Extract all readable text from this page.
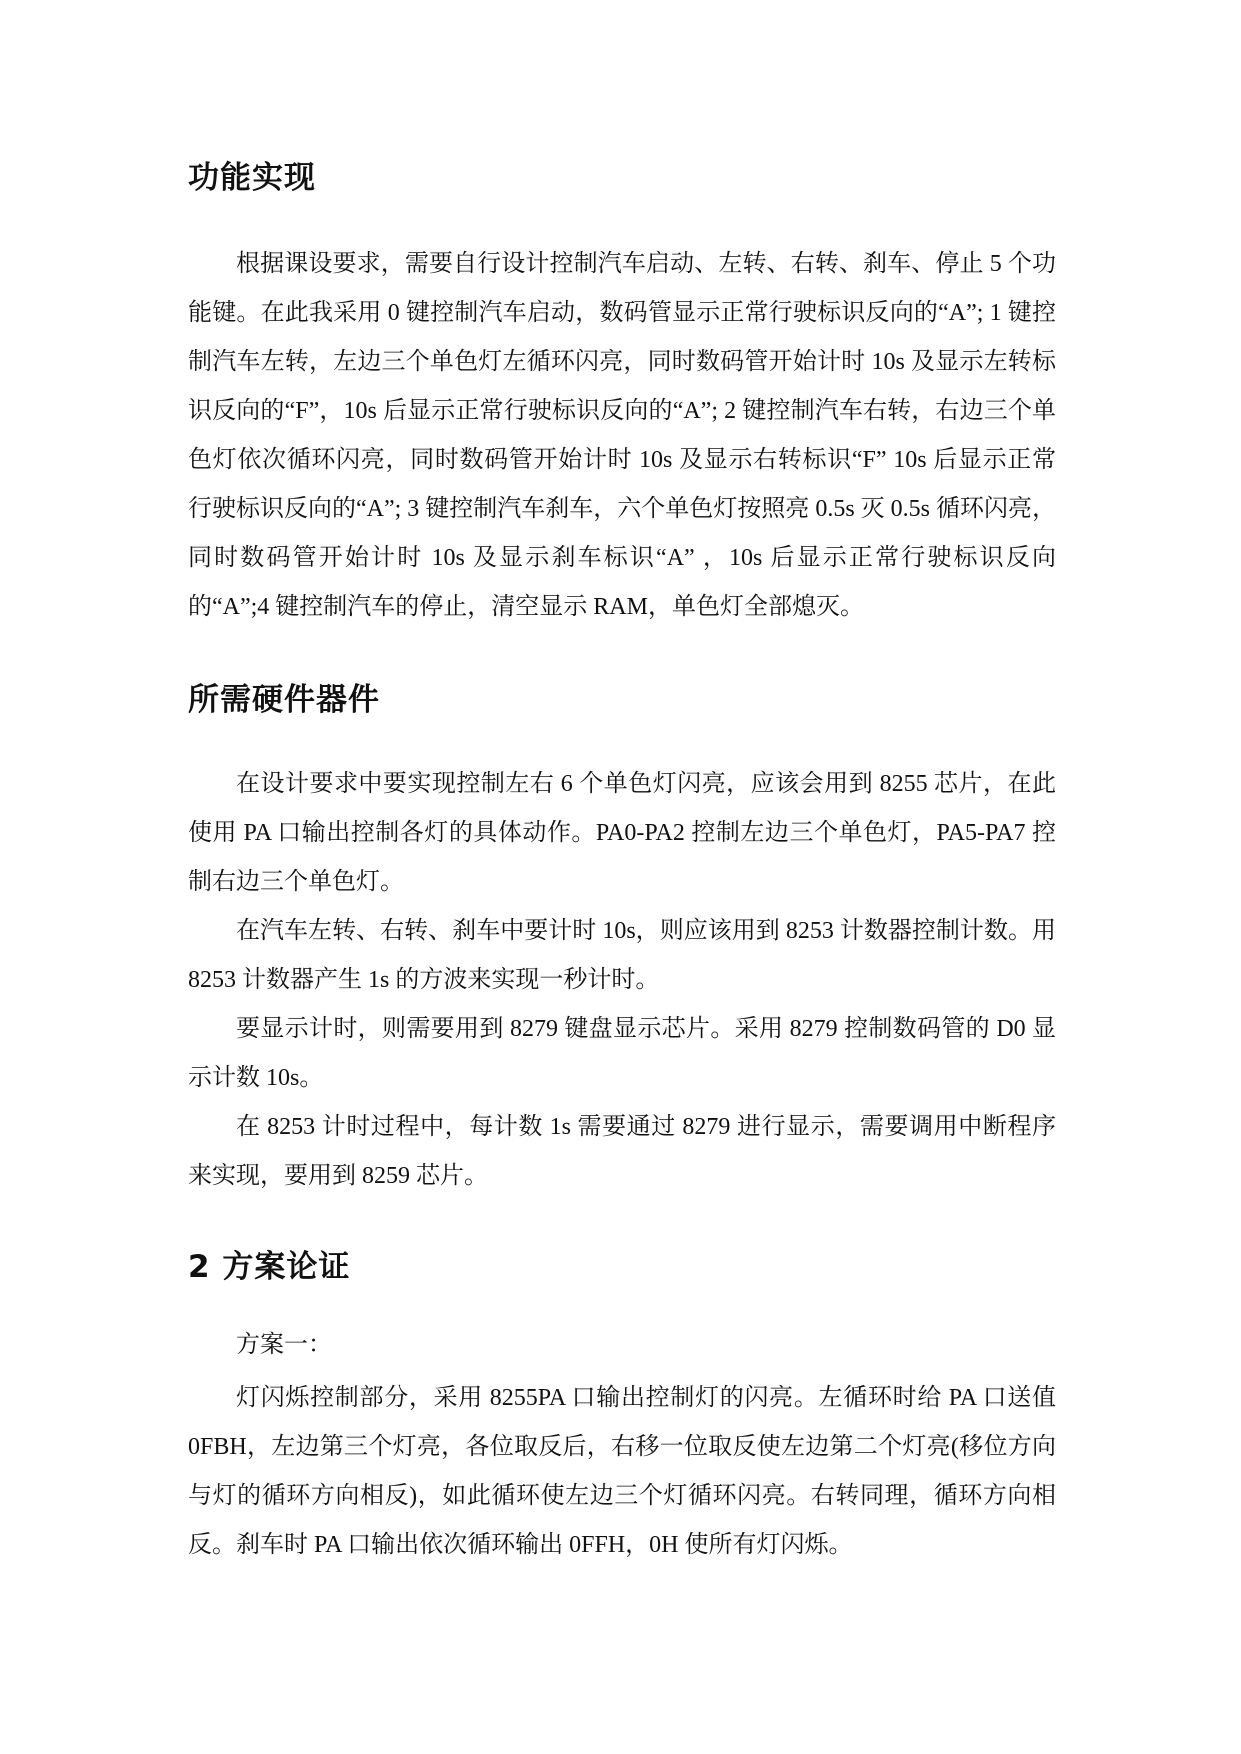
功能实现

根据课设要求，需要自行设计控制汽车启动、左转、右转、刹车、停止 5 个功能键。在此我采用 0 键控制汽车启动，数码管显示正常行驶标识反向的“A”; 1 键控制汽车左转，左边三个单色灯左循环闪亮，同时数码管开始计时 10s 及显示左转标识反向的“F”，10s 后显示正常行驶标识反向的“A”; 2 键控制汽车右转，右边三个单色灯依次循环闪亮，同时数码管开始计时 10s 及显示右转标识“F” 10s 后显示正常行驶标识反向的“A”; 3 键控制汽车刹车，六个单色灯按照亮 0.5s 灭 0.5s 循环闪亮，同时数码管开始计时 10s 及显示刹车标识“A” ，10s 后显示正常行驶标识反向的“A”;4 键控制汽车的停止，清空显示 RAM，单色灯全部熄灭。

所需硬件器件

在设计要求中要实现控制左右 6 个单色灯闪亮，应该会用到 8255 芯片，在此使用 PA 口输出控制各灯的具体动作。PA0-PA2 控制左边三个单色灯，PA5-PA7 控制右边三个单色灯。

在汽车左转、右转、刹车中要计时 10s，则应该用到 8253 计数器控制计数。用 8253 计数器产生 1s 的方波来实现一秒计时。

要显示计时，则需要用到 8279 键盘显示芯片。采用 8279 控制数码管的 D0 显示计数 10s。

在 8253 计时过程中，每计数 1s 需要通过 8279 进行显示，需要调用中断程序来实现，要用到 8259 芯片。

2 方案论证

方案一：

灯闪烁控制部分，采用 8255PA 口输出控制灯的闪亮。左循环时给 PA 口送值 0FBH，左边第三个灯亮，各位取反后，右移一位取反使左边第二个灯亮(移位方向与灯的循环方向相反)，如此循环使左边三个灯循环闪亮。右转同理，循环方向相反。刹车时 PA 口输出依次循环输出 0FFH，0H 使所有灯闪烁。
